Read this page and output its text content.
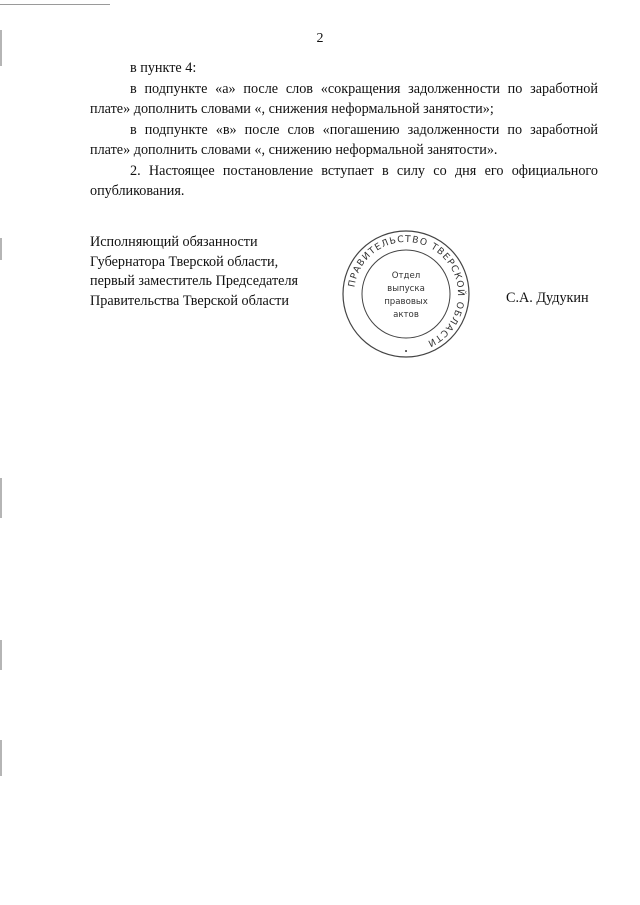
2

в пункте 4:

в подпункте «а» после слов «сокращения задолженности по заработной плате» дополнить словами «, снижения неформальной занятости»;

в подпункте «в» после слов «погашению задолженности по заработной плате» дополнить словами «, снижению неформальной занятости».

2. Настоящее постановление вступает в силу со дня его официального опубликования.

Исполняющий обязанности
Губернатора Тверской области,
первый заместитель Председателя
Правительства Тверской области
ПРАВИТЕЛЬСТВО ТВЕРСКОЙ ОБЛАСТИ
•
Отдел
выпуска
правовых
актов
С.А. Дудукин
